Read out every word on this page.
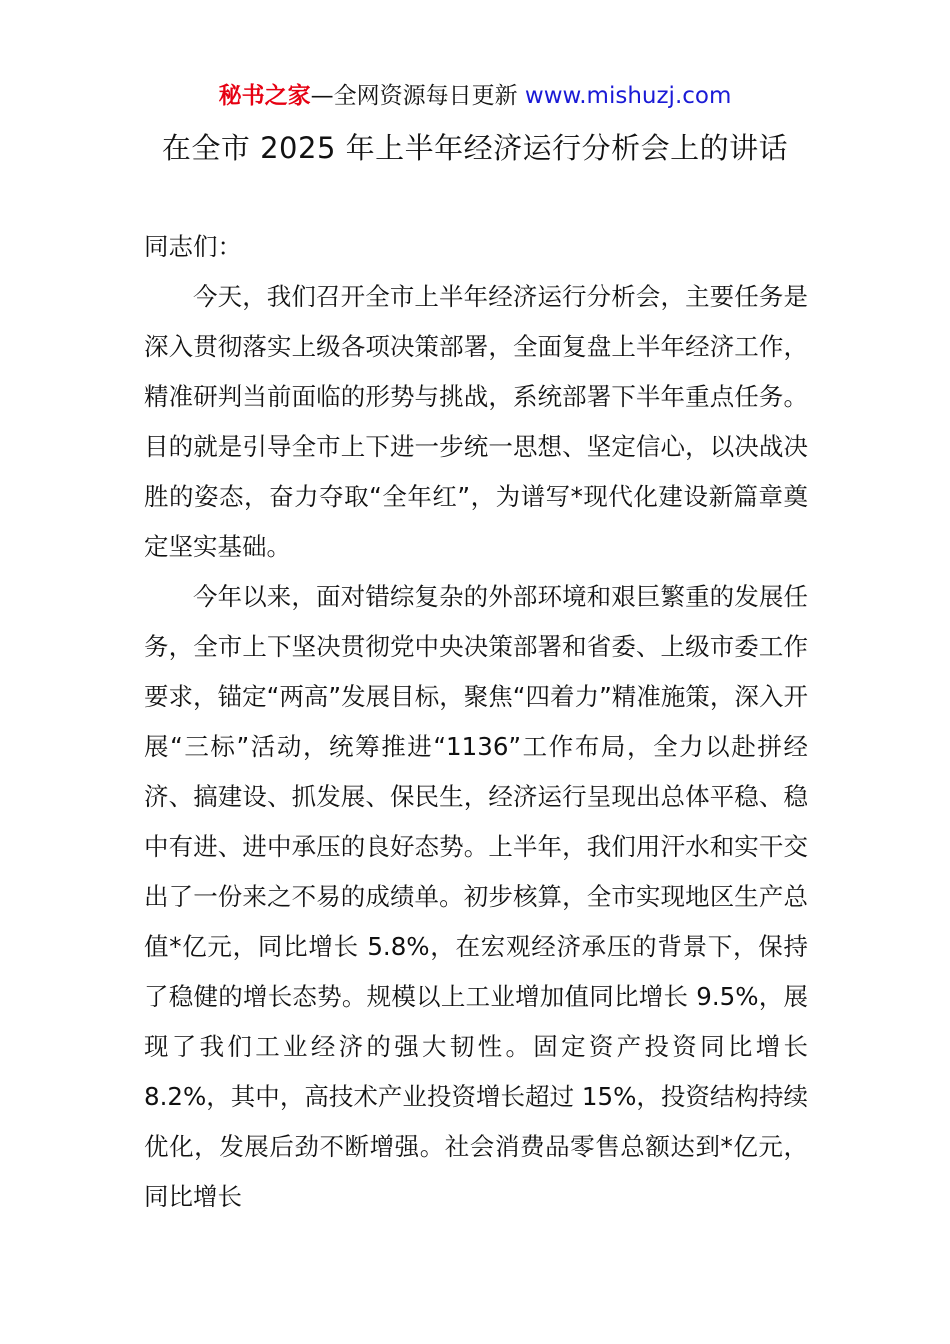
秘书之家—全网资源每日更新 www.mishuzj.com
在全市 2025 年上半年经济运行分析会上的讲话

同志们：

今天，我们召开全市上半年经济运行分析会，主要任务是深入贯彻落实上级各项决策部署，全面复盘上半年经济工作，精准研判当前面临的形势与挑战，系统部署下半年重点任务。目的就是引导全市上下进一步统一思想、坚定信心，以决战决胜的姿态，奋力夺取“全年红”，为谱写*现代化建设新篇章奠定坚实基础。

今年以来，面对错综复杂的外部环境和艰巨繁重的发展任务，全市上下坚决贯彻党中央决策部署和省委、上级市委工作要求，锚定“两高”发展目标，聚焦“四着力”精准施策，深入开展“三标”活动，统筹推进“1136”工作布局，全力以赴拼经济、搞建设、抓发展、保民生，经济运行呈现出总体平稳、稳中有进、进中承压的良好态势。上半年，我们用汗水和实干交出了一份来之不易的成绩单。初步核算，全市实现地区生产总值*亿元，同比增长 5.8%，在宏观经济承压的背景下，保持了稳健的增长态势。规模以上工业增加值同比增长 9.5%，展现了我们工业经济的强大韧性。固定资产投资同比增长 8.2%，其中，高技术产业投资增长超过 15%，投资结构持续优化，发展后劲不断增强。社会消费品零售总额达到*亿元，同比增长
